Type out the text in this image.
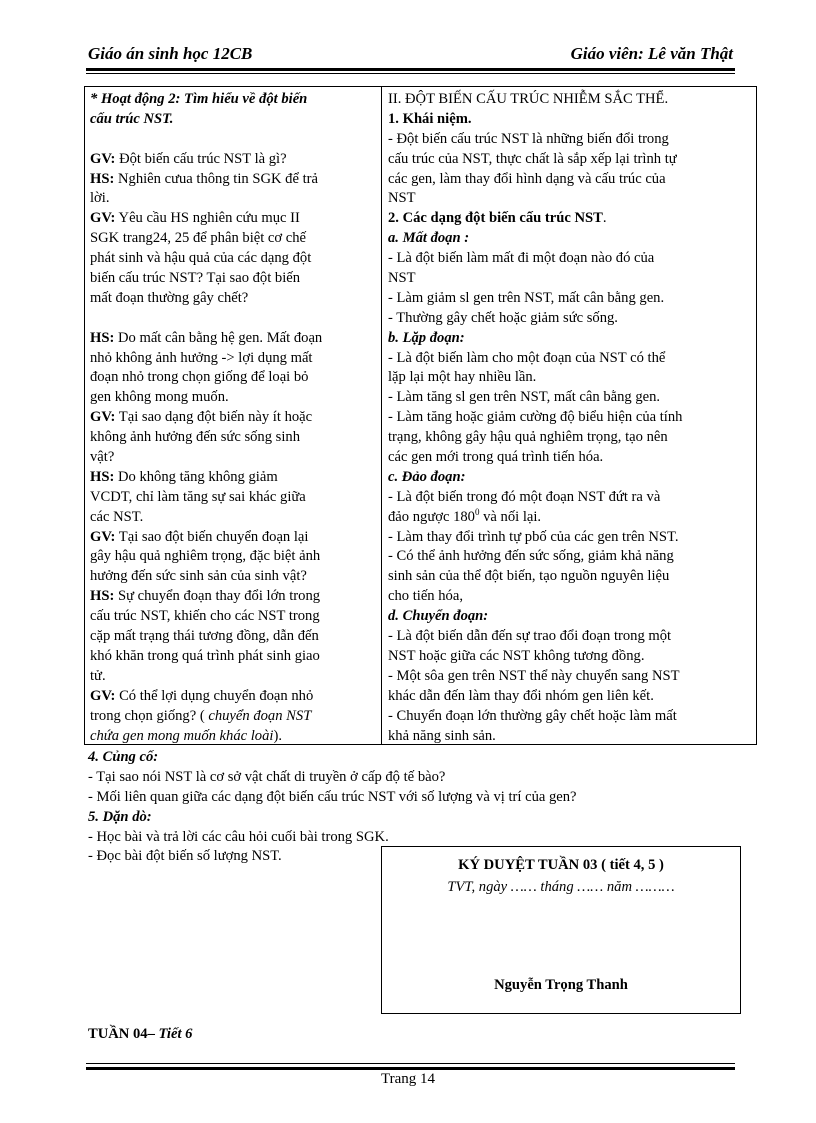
Giáo án sinh học 12CB	Giáo viên: Lê văn Thật
* Hoạt động 2: Tìm hiểu về đột biến
cấu trúc NST.
GV: Đột biến cấu trúc NST là gì?
HS: Nghiên cưua thông tin SGK để trả
lời.
GV: Yêu cầu HS nghiên cứu mục II
SGK trang24, 25 để phân biệt cơ chế
phát sinh và hậu quả của các dạng đột
biến cấu trúc NST? Tại sao đột biến
mất đoạn thường gây chết?
HS: Do mất cân bằng hệ gen. Mất đoạn
nhỏ không ảnh hưởng -> lợi dụng mất
đoạn nhỏ trong chọn giống để loại bỏ
gen không mong muốn.
GV: Tại sao dạng đột biến này ít hoặc
không ảnh hưởng đến sức sống sinh
vật?
HS: Do không tăng không giảm
VCDT, chỉ làm tăng sự sai khác giữa
các NST.
GV: Tại sao đột biến chuyển đoạn lại
gây hậu quả nghiêm trọng, đặc biệt ảnh
hưởng đến sức sinh sản của sinh vật?
HS: Sự chuyển đoạn thay đổi lớn trong
cấu trúc NST, khiến cho các NST trong
cặp mất trạng thái tương đồng, dẫn đến
khó khăn trong quá trình phát sinh giao
tử.
GV: Có thể lợi dụng chuyển đoạn nhỏ
trong chọn giống? ( chuyển đoạn NST
chứa gen mong muốn khác loài).
II. ĐỘT BIẾN CẤU TRÚC NHIỄM SẮC THỂ.
1. Khái niệm.
- Đột biến cấu trúc NST là những biến đổi trong
cấu trúc của NST, thực chất là sắp xếp lại trình tự
các gen, làm thay đổi hình dạng và cấu trúc của
NST
2. Các dạng đột biến cấu trúc NST.
a. Mất đoạn :
- Là đột biến làm mất đi một đoạn nào đó của
NST
- Làm giảm sl gen trên NST, mất cân bằng gen.
- Thường gây chết hoặc giảm sức sống.
b. Lặp đoạn:
- Là đột biến làm cho một đoạn của NST có thể
lặp lại một hay nhiều lần.
- Làm tăng sl gen trên NST, mất cân bằng gen.
- Làm tăng hoặc giảm cường độ biểu hiện của tính
trạng, không gây hậu quả nghiêm trọng, tạo nên
các gen mới trong quá trình tiến hóa.
c. Đảo đoạn:
- Là đột biến trong đó một đoạn NST đứt ra và
đảo ngược $180^0$ và nối lại.
- Làm thay đổi trình tự pbố của các gen trên NST.
- Có thể ảnh hưởng đến sức sống, giảm khả năng
sinh sản của thể đột biến, tạo nguồn nguyên liệu
cho tiến hóa,
d. Chuyển đoạn:
- Là đột biến dẫn đến sự trao đổi đoạn trong một
NST hoặc giữa các NST không tương đồng.
- Một sôa gen trên NST thể này chuyển sang NST
khác dẫn đến làm thay đổi nhóm gen liên kết.
- Chuyển đoạn lớn thường gây chết hoặc làm mất
khả năng sinh sản.
4. Củng cố:
- Tại sao nói NST là cơ sở vật chất di truyền ở cấp độ tế bào?
- Mối liên quan giữa các dạng đột biến cấu trúc NST với số lượng và vị trí của gen?
5. Dặn dò:
- Học bài và trả lời các câu hỏi cuối bài trong SGK.
- Đọc bài đột biến số lượng NST.
KÝ DUYỆT TUẦN 03 ( tiết 4, 5 )
TVT, ngày …… tháng …… năm ………
Nguyễn Trọng Thanh
TUẦN 04– Tiết 6
Trang 14
